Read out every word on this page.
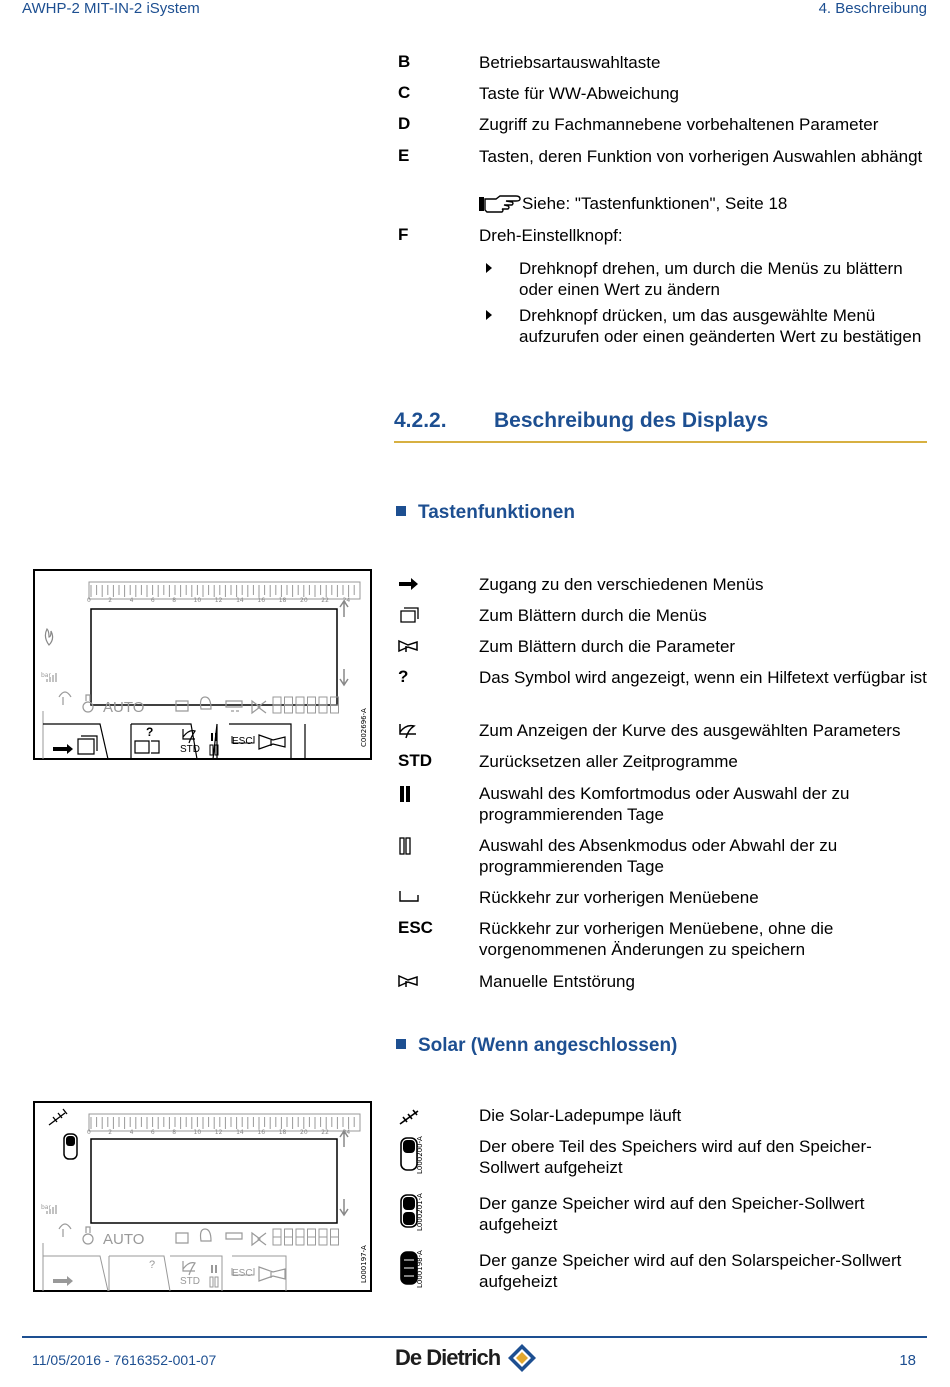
AWHP-2 MIT-IN-2 iSystem	4. Beschreibung
B	Betriebsartauswahltaste
C	Taste für WW-Abweichung
D	Zugriff zu Fachmannebene vorbehaltenen Parameter
E	Tasten, deren Funktion von vorherigen Auswahlen abhängt
Siehe: "Tastenfunktionen", Seite 18
F	Dreh-Einstellknopf:
Drehknopf drehen, um durch die Menüs zu blättern oder einen Wert zu ändern
Drehknopf drücken, um das ausgewählte Menü aufzurufen oder einen geänderten Wert zu bestätigen
4.2.2. Beschreibung des Displays
Tastenfunktionen
0	2	4	6	8	10 12 14 16 18 20 22 24
bar
AUTO
?
STD
ESC	C002696-A
Zugang zu den verschiedenen Menüs
Zum Blättern durch die Menüs
Zum Blättern durch die Parameter
?	Das Symbol wird angezeigt, wenn ein Hilfetext verfügbar ist
Zum Anzeigen der Kurve des ausgewählten Parameters
STD	Zurücksetzen aller Zeitprogramme
Auswahl des Komfortmodus oder Auswahl der zu programmierenden Tage
Auswahl des Absenkmodus oder Abwahl der zu programmierenden Tage
Rückkehr zur vorherigen Menüebene
ESC	Rückkehr zur vorherigen Menüebene, ohne die vorgenommenen Änderungen zu speichern
Manuelle Entstörung
Solar (Wenn angeschlossen)
0	2	4	6	8	10 12 14 16 18 20 22 24
bar
AUTO
?
STD
ESC	L000197-A
Die Solar-Ladepumpe läuft
L000200-A	Der obere Teil des Speichers wird auf den Speicher-Sollwert aufgeheizt
L000201-A	Der ganze Speicher wird auf den Speicher-Sollwert aufgeheizt
L000198-A	Der ganze Speicher wird auf den Solarspeicher-Sollwert aufgeheizt
11/05/2016 - 7616352-001-07	De Dietrich	18
